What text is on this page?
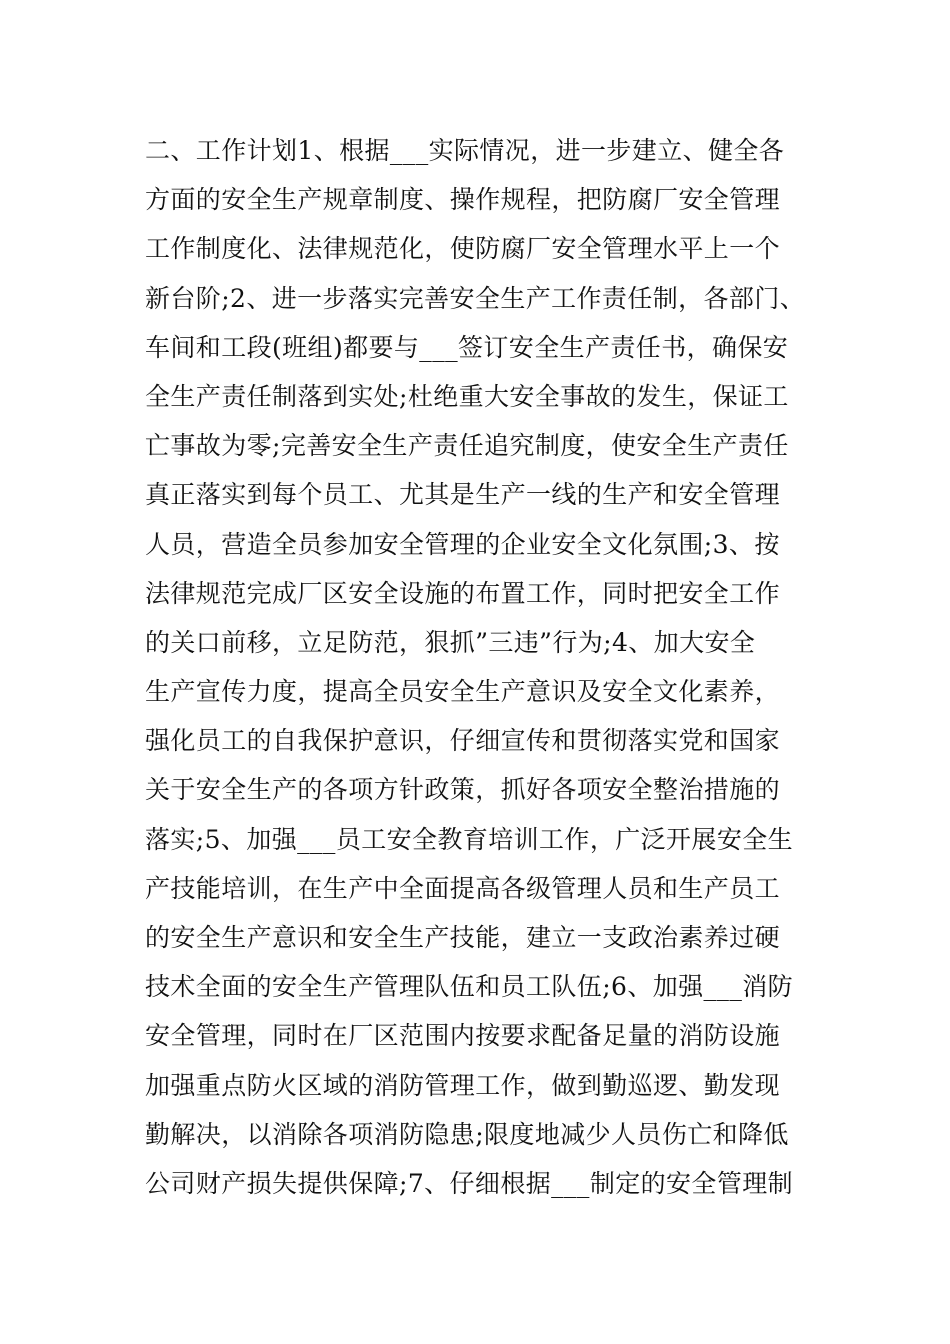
二、工作计划1、根据___实际情况，进一步建立、健全各
方面的安全生产规章制度、操作规程，把防腐厂安全管理
工作制度化、法律规范化，使防腐厂安全管理水平上一个
新台阶;2、进一步落实完善安全生产工作责任制，各部门、
车间和工段(班组)都要与___签订安全生产责任书，确保安
全生产责任制落到实处;杜绝重大安全事故的发生，保证工
亡事故为零;完善安全生产责任追究制度，使安全生产责任
真正落实到每个员工、尤其是生产一线的生产和安全管理
人员，营造全员参加安全管理的企业安全文化氛围;3、按
法律规范完成厂区安全设施的布置工作，同时把安全工作
的关口前移，立足防范，狠抓”三违”行为;4、加大安全
生产宣传力度，提高全员安全生产意识及安全文化素养，
强化员工的自我保护意识，仔细宣传和贯彻落实党和国家
关于安全生产的各项方针政策，抓好各项安全整治措施的
落实;5、加强___员工安全教育培训工作，广泛开展安全生
产技能培训，在生产中全面提高各级管理人员和生产员工
的安全生产意识和安全生产技能，建立一支政治素养过硬
技术全面的安全生产管理队伍和员工队伍;6、加强___消防
安全管理，同时在厂区范围内按要求配备足量的消防设施
加强重点防火区域的消防管理工作，做到勤巡逻、勤发现
勤解决，以消除各项消防隐患;限度地减少人员伤亡和降低
公司财产损失提供保障;7、仔细根据___制定的安全管理制
